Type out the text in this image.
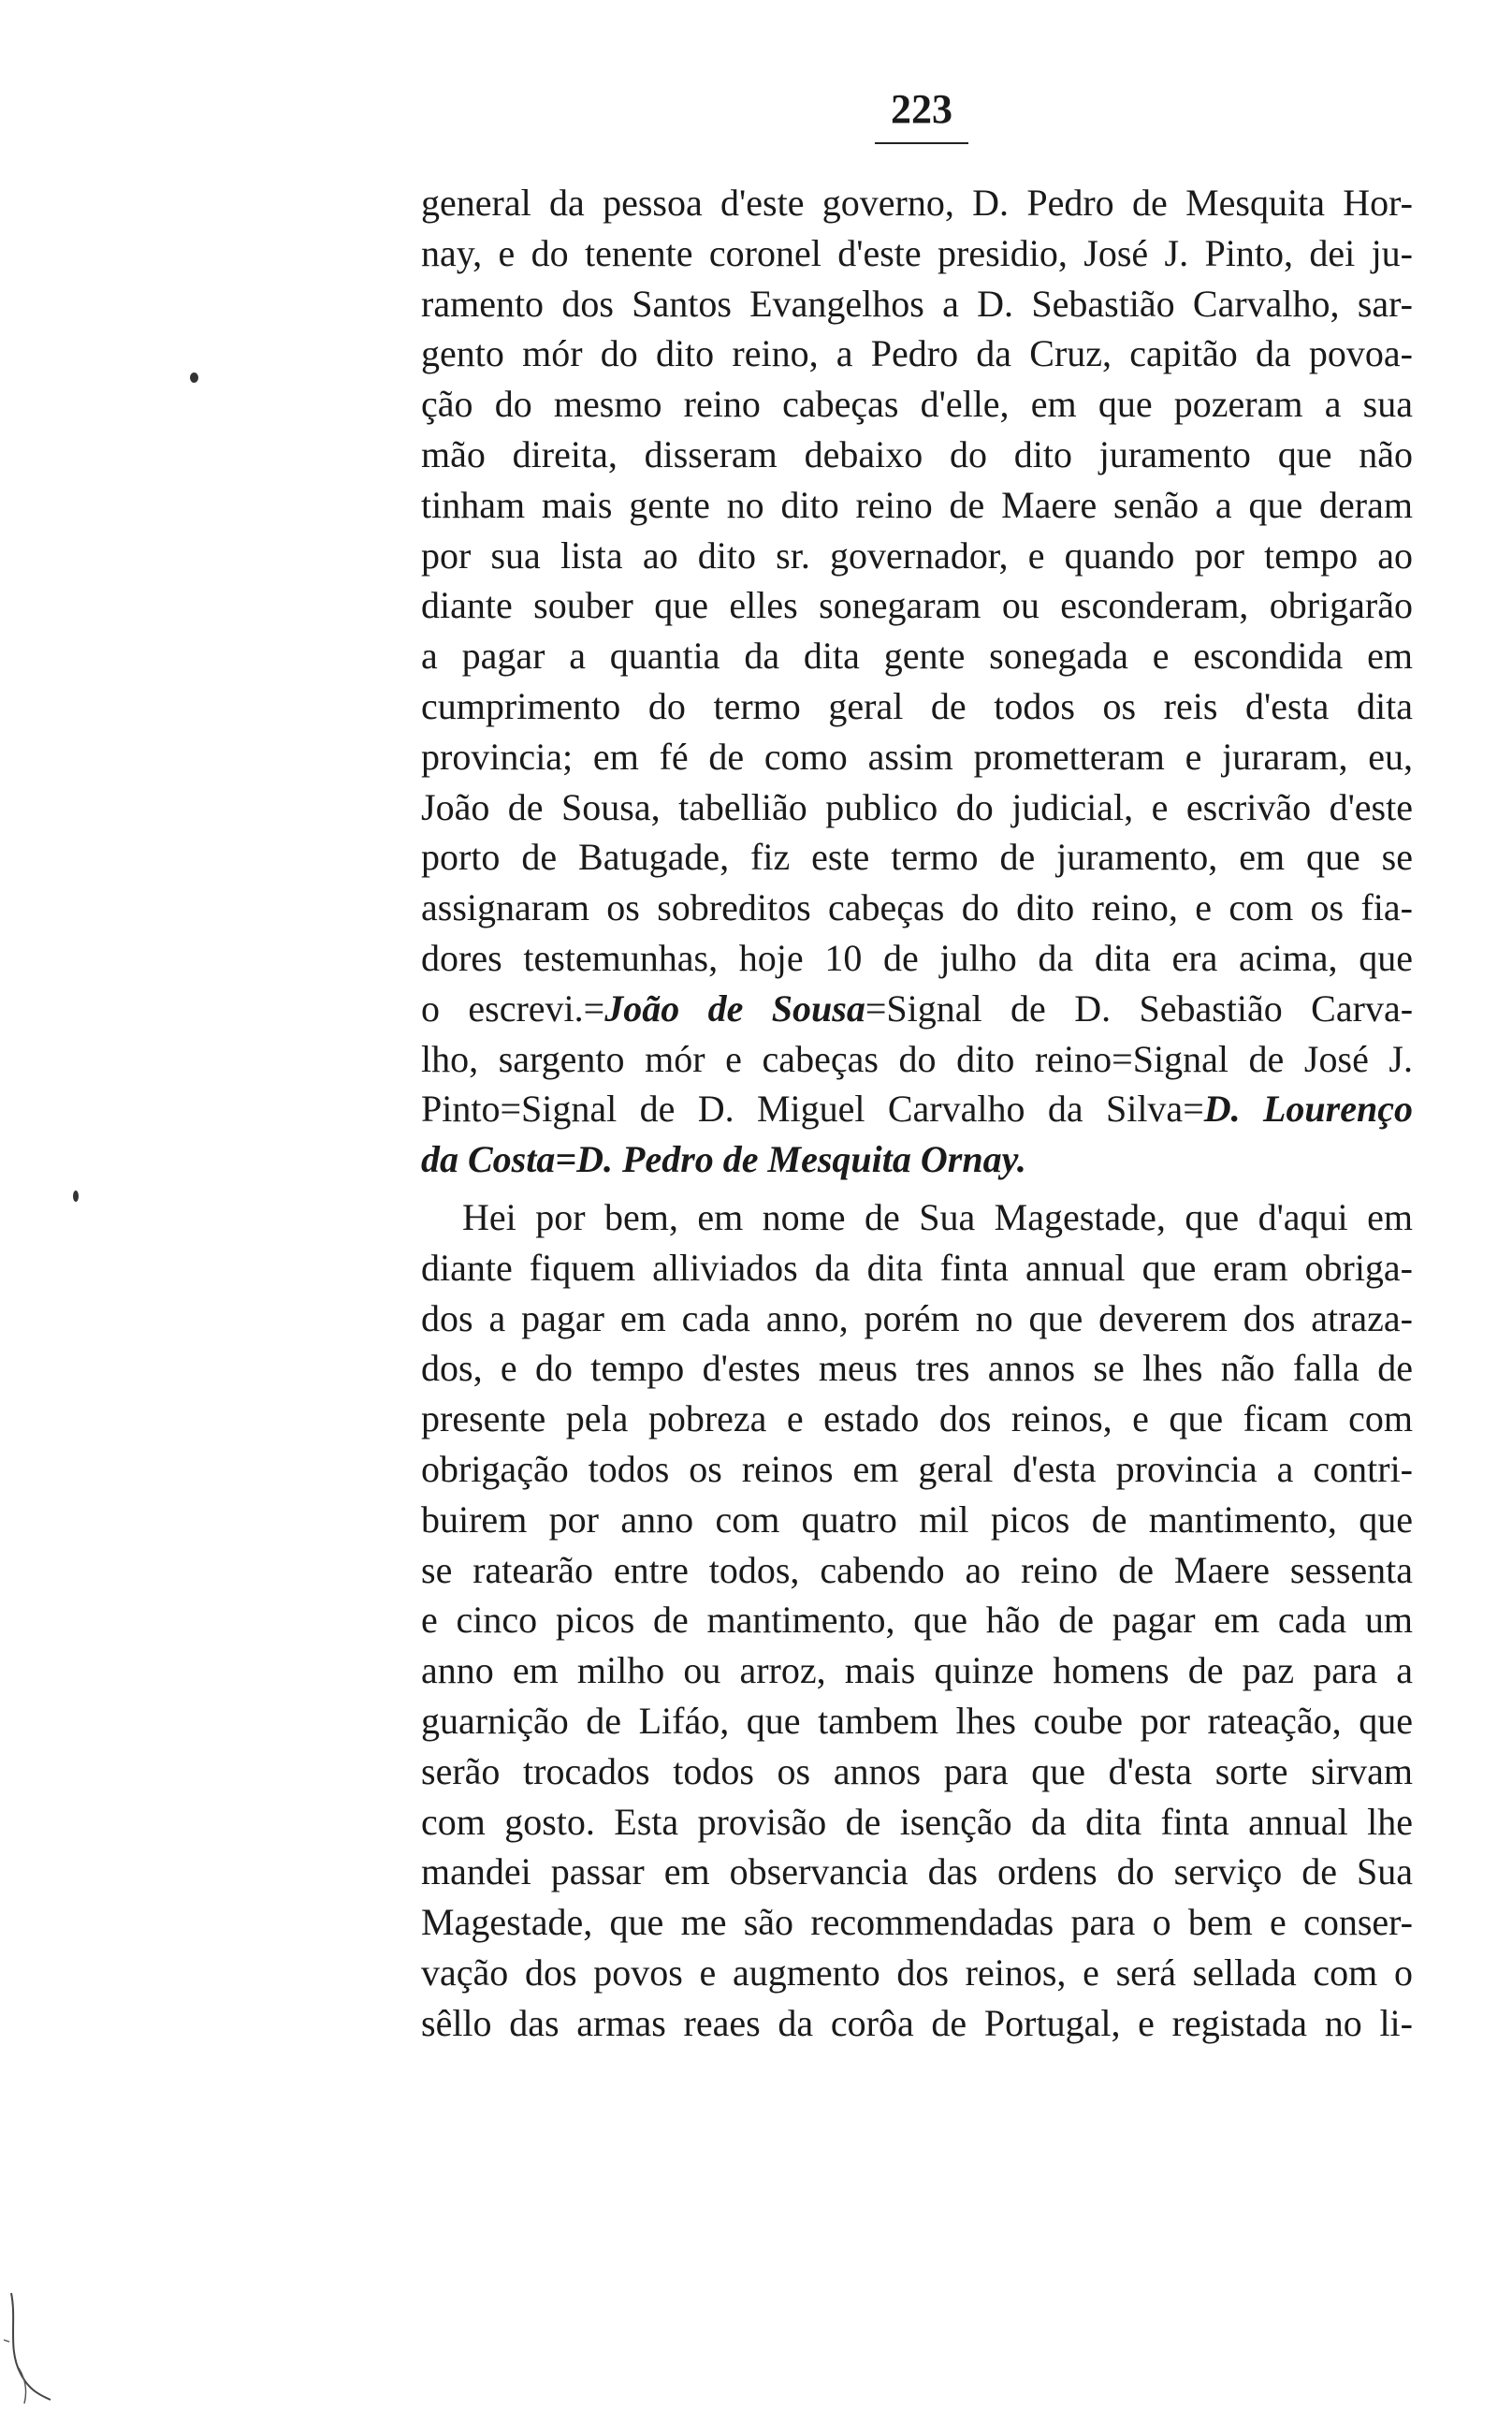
223
general da pessoa d'este governo, D. Pedro de Mesquita Hor-
nay, e do tenente coronel d'este presidio, José J. Pinto, dei ju-
ramento dos Santos Evangelhos a D. Sebastião Carvalho, sar-
gento mór do dito reino, a Pedro da Cruz, capitão da povoa-
ção do mesmo reino cabeças d'elle, em que pozeram a sua
mão direita, disseram debaixo do dito juramento que não
tinham mais gente no dito reino de Maere senão a que deram
por sua lista ao dito sr. governador, e quando por tempo ao
diante souber que elles sonegaram ou esconderam, obrigarão
a pagar a quantia da dita gente sonegada e escondida em
cumprimento do termo geral de todos os reis d'esta dita
provincia; em fé de como assim prometteram e juraram, eu,
João de Sousa, tabellião publico do judicial, e escrivão d'este
porto de Batugade, fiz este termo de juramento, em que se
assignaram os sobreditos cabeças do dito reino, e com os fia-
dores testemunhas, hoje 10 de julho da dita era acima, que
o escrevi.=João de Sousa=Signal de D. Sebastião Carva-
lho, sargento mór e cabeças do dito reino=Signal de José J.
Pinto=Signal de D. Miguel Carvalho da Silva=D. Lourenço
da Costa=D. Pedro de Mesquita Ornay.
Hei por bem, em nome de Sua Magestade, que d'aqui em
diante fiquem alliviados da dita finta annual que eram obriga-
dos a pagar em cada anno, porém no que deverem dos atraza-
dos, e do tempo d'estes meus tres annos se lhes não falla de
presente pela pobreza e estado dos reinos, e que ficam com
obrigação todos os reinos em geral d'esta provincia a contri-
buirem por anno com quatro mil picos de mantimento, que
se ratearão entre todos, cabendo ao reino de Maere sessenta
e cinco picos de mantimento, que hão de pagar em cada um
anno em milho ou arroz, mais quinze homens de paz para a
guarnição de Lifáo, que tambem lhes coube por rateação, que
serão trocados todos os annos para que d'esta sorte sirvam
com gosto. Esta provisão de isenção da dita finta annual lhe
mandei passar em observancia das ordens do serviço de Sua
Magestade, que me são recommendadas para o bem e conser-
vação dos povos e augmento dos reinos, e será sellada com o
sêllo das armas reaes da corôa de Portugal, e registada no li-
